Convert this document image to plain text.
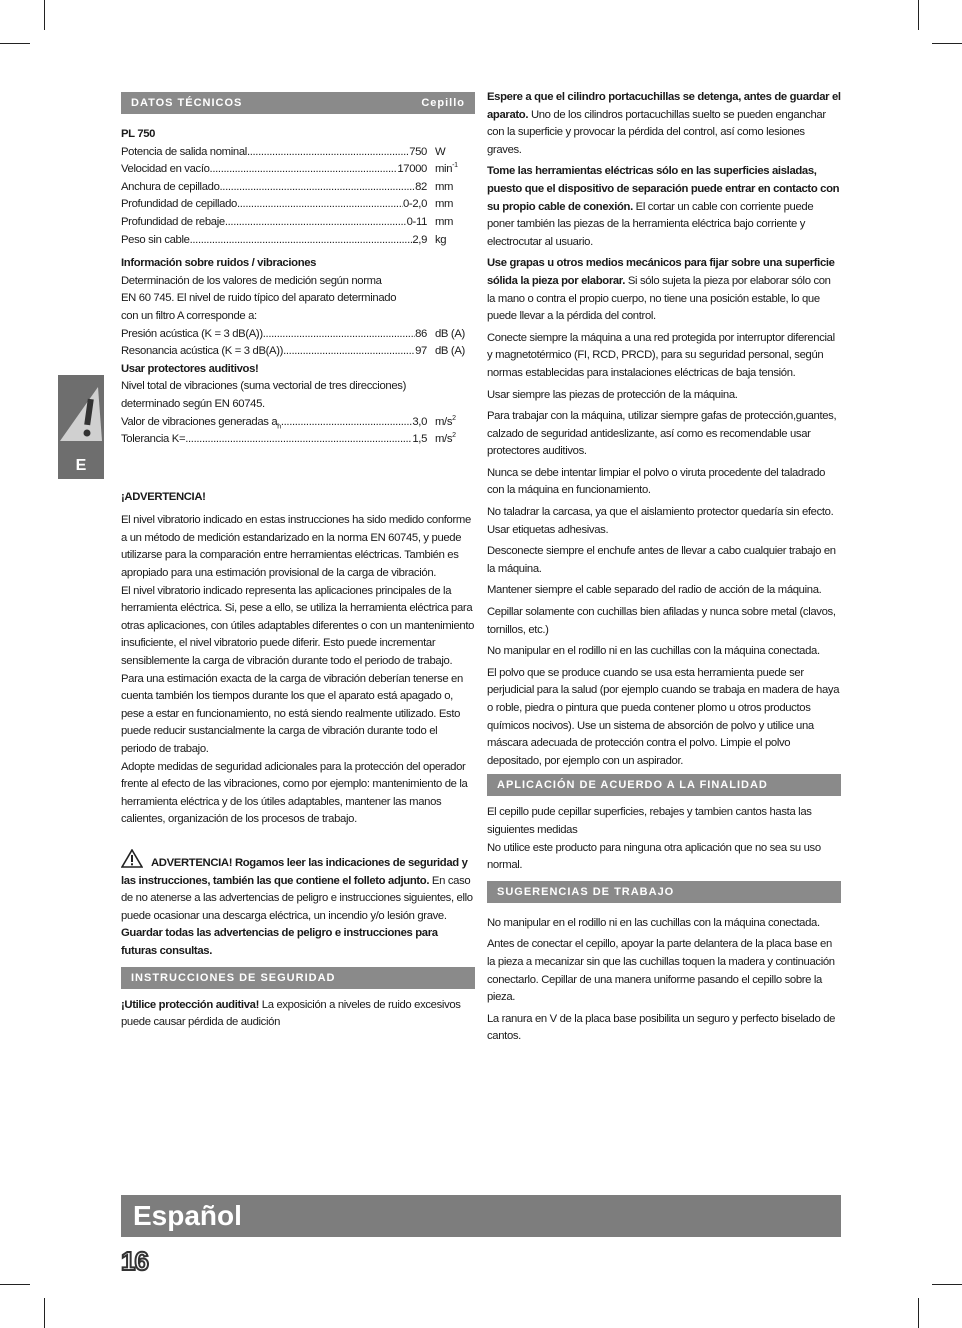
E
DATOS TÉCNICOS	Cepillo
PL 750
Potencia de salida nominal .....	750 W
Velocidad en vacío .....	17000 $\min^{-1}$
Anchura de cepillado .....	82 mm
Profundidad de cepillado .....	0-2,0 mm
Profundidad de rebaje .....	0-11 mm
Peso sin cable .....	2,9 kg
Información sobre ruidos / vibraciones
Determinación de los valores de medición según norma
EN 60 745. El nivel de ruido típico del aparato determinado
con un filtro A corresponde a:
Presión acústica (K = 3 dB(A)) .....	86 dB (A)
Resonancia acústica (K = 3 dB(A)) .....	97 dB (A)
Usar protectores auditivos!
Nivel total de vibraciones (suma vectorial de tres direcciones)
determinado según EN 60745.
Valor de vibraciones generadas $a_h$ .....	3,0 $m/s^2$
Tolerancia K= .....	1,5 $m/s^2$
¡ADVERTENCIA!
El nivel vibratorio indicado en estas instrucciones ha sido medido conforme a un método de medición estandarizado en la norma EN 60745, y puede utilizarse para la comparación entre herramientas eléctricas. También es apropiado para una estimación provisional de la carga de vibración.
El nivel vibratorio indicado representa las aplicaciones principales de la herramienta eléctrica. Si, pese a ello, se utiliza la herramienta eléctrica para otras aplicaciones, con útiles adaptables diferentes o con un mantenimiento insuficiente, el nivel vibratorio puede diferir. Esto puede incrementar sensiblemente la carga de vibración durante todo el periodo de trabajo.
Para una estimación exacta de la carga de vibración deberían tenerse en cuenta también los tiempos durante los que el aparato está apagado o, pese a estar en funcionamiento, no está siendo realmente utilizado. Esto puede reducir sustancialmente la carga de vibración durante todo el periodo de trabajo.
Adopte medidas de seguridad adicionales para la protección del operador frente al efecto de las vibraciones, como por ejemplo: mantenimiento de la herramienta eléctrica y de los útiles adaptables, mantener las manos calientes, organización de los procesos de trabajo.
ADVERTENCIA! Rogamos leer las indicaciones de seguridad y las instrucciones, también las que contiene el folleto adjunto. En caso de no atenerse a las advertencias de peligro e instrucciones siguientes, ello puede ocasionar una descarga eléctrica, un incendio y/o lesión grave.
Guardar todas las advertencias de peligro e instrucciones para futuras consultas.
INSTRUCCIONES DE SEGURIDAD
¡Utilice protección auditiva! La exposición a niveles de ruido excesivos puede causar pérdida de audición

Espere a que el cilindro portacuchillas se detenga, antes de guardar el aparato. Uno de los cilindros portacuchillas suelto se pueden enganchar con la superficie y provocar la pérdida del control, así como lesiones graves.

Tome las herramientas eléctricas sólo en las superficies aisladas, puesto que el dispositivo de separación puede entrar en contacto con su propio cable de conexión. El cortar un cable con corriente puede poner también las piezas de la herramienta eléctrica bajo corriente y electrocutar al usuario.

Use grapas u otros medios mecánicos para fijar sobre una superficie sólida la pieza por elaborar. Si sólo sujeta la pieza por elaborar sólo con la mano o contra el propio cuerpo, no tiene una posición estable, lo que puede llevar a la pérdida del control.

Conecte siempre la máquina a una red protegida por interruptor diferencial y magnetotérmico (FI, RCD, PRCD), para su seguridad personal, según normas establecidas para instalaciones eléctricas de baja tensión.
Usar siempre las piezas de protección de la máquina.
Para trabajar con la máquina, utilizar siempre gafas de protección,guantes, calzado de seguridad antideslizante, así como es recomendable usar protectores auditivos.
Nunca se debe intentar limpiar el polvo o viruta procedente del taladrado con la máquina en funcionamiento.
No taladrar la carcasa, ya que el aislamiento protector quedaría sin efecto. Usar etiquetas adhesivas.
Desconecte siempre el enchufe antes de llevar a cabo cualquier trabajo en la máquina.
Mantener siempre el cable separado del radio de acción de la máquina.
Cepillar solamente con cuchillas bien afiladas y nunca sobre metal (clavos, tornillos, etc.)
No manipular en el rodillo ni en las cuchillas con la máquina conectada.
El polvo que se produce cuando se usa esta herramienta puede ser perjudicial para la salud (por ejemplo cuando se trabaja en madera de haya o roble, piedra o pintura que pueda contener plomo u otros productos químicos nocivos). Use un sistema de absorción de polvo y utilice una máscara adecuada de protección contra el polvo. Limpie el polvo depositado, por ejemplo con un aspirador.
APLICACIÓN DE ACUERDO A LA FINALIDAD
El cepillo pude cepillar superficies, rebajes y tambien cantos hasta las siguientes medidas
No utilice este producto para ninguna otra aplicación que no sea su uso normal.
SUGERENCIAS DE TRABAJO
No manipular en el rodillo ni en las cuchillas con la máquina conectada.
Antes de conectar el cepillo, apoyar la parte delantera de la placa base en la pieza a mecanizar sin que las cuchillas toquen la madera y continuación conectarlo. Cepillar de una manera uniforme pasando el cepillo sobre la pieza.
La ranura en V de la placa base posibilita un seguro y perfecto biselado de cantos.
Español
16
